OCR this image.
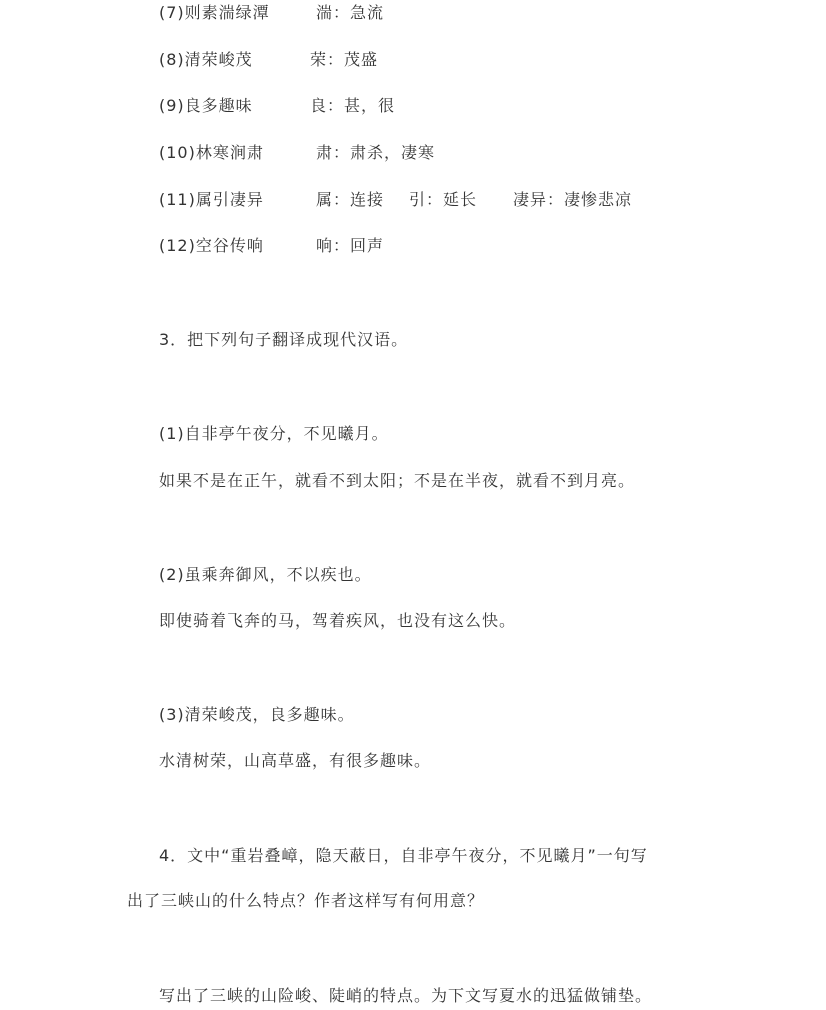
(7)则素湍绿潭	湍：急流
(8)清荣峻茂	荣：茂盛
(9)良多趣味	良：甚，很
(10)林寒涧肃	肃：肃杀，凄寒
(11)属引凄异	属：连接 引：延长 凄异：凄惨悲凉
(12)空谷传响	响：回声
3．把下列句子翻译成现代汉语。
(1)自非亭午夜分，不见曦月。
如果不是在正午，就看不到太阳；不是在半夜，就看不到月亮。
(2)虽乘奔御风，不以疾也。
即使骑着飞奔的马，驾着疾风，也没有这么快。
(3)清荣峻茂，良多趣味。
水清树荣，山高草盛，有很多趣味。
4．文中“重岩叠嶂，隐天蔽日，自非亭午夜分，不见曦月”一句写
出了三峡山的什么特点？作者这样写有何用意？
写出了三峡的山险峻、陡峭的特点。为下文写夏水的迅猛做铺垫。
